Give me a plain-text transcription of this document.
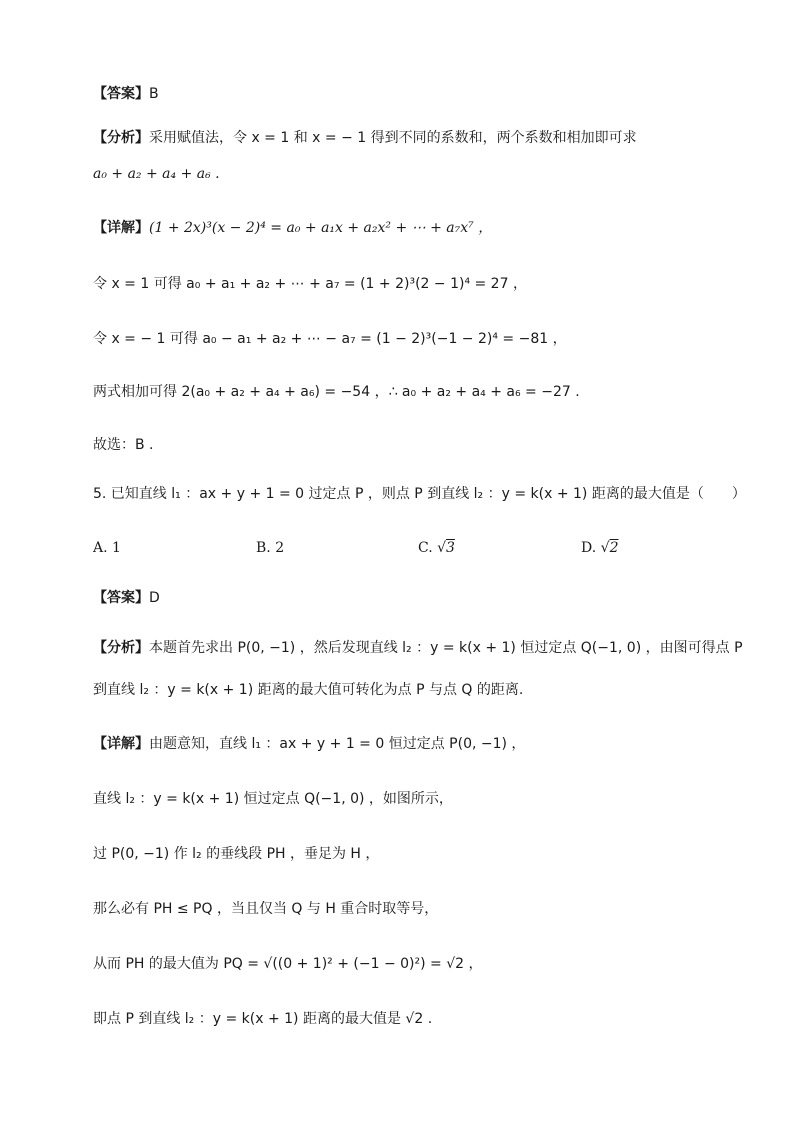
【答案】B
【分析】采用赋值法，令 x = 1 和 x = − 1 得到不同的系数和，两个系数和相加即可求
a₀ + a₂ + a₄ + a₆ .
【详解】(1 + 2x)³(x − 2)⁴ = a₀ + a₁x + a₂x² + ⋯ + a₇x⁷ ，
令 x = 1 可得 a₀ + a₁ + a₂ + ⋯ + a₇ = (1 + 2)³(2 − 1)⁴ = 27 ，
令 x = − 1 可得 a₀ − a₁ + a₂ + ⋯ − a₇ = (1 − 2)³(−1 − 2)⁴ = −81 ，
两式相加可得 2(a₀ + a₂ + a₄ + a₆) = −54 ，∴ a₀ + a₂ + a₄ + a₆ = −27 .
故选：B .
5. 已知直线 l₁ ：ax + y + 1 = 0 过定点 P ，则点 P 到直线 l₂ ：y = k(x + 1) 距离的最大值是（　　）
A. 1	B. 2	C. √3	D. √2
【答案】D
【分析】本题首先求出 P(0, −1) ，然后发现直线 l₂ ：y = k(x + 1) 恒过定点 Q(−1, 0) ，由图可得点 P
到直线 l₂ ：y = k(x + 1) 距离的最大值可转化为点 P 与点 Q 的距离.
【详解】由题意知，直线 l₁ ：ax + y + 1 = 0 恒过定点 P(0, −1) ，
直线 l₂ ：y = k(x + 1) 恒过定点 Q(−1, 0) ，如图所示，
过 P(0, −1) 作 l₂ 的垂线段 PH ，垂足为 H ，
那么必有 PH ≤ PQ ，当且仅当 Q 与 H 重合时取等号，
从而 PH 的最大值为 PQ = √((0 + 1)² + (−1 − 0)²) = √2 ，
即点 P 到直线 l₂ ：y = k(x + 1) 距离的最大值是 √2 .
